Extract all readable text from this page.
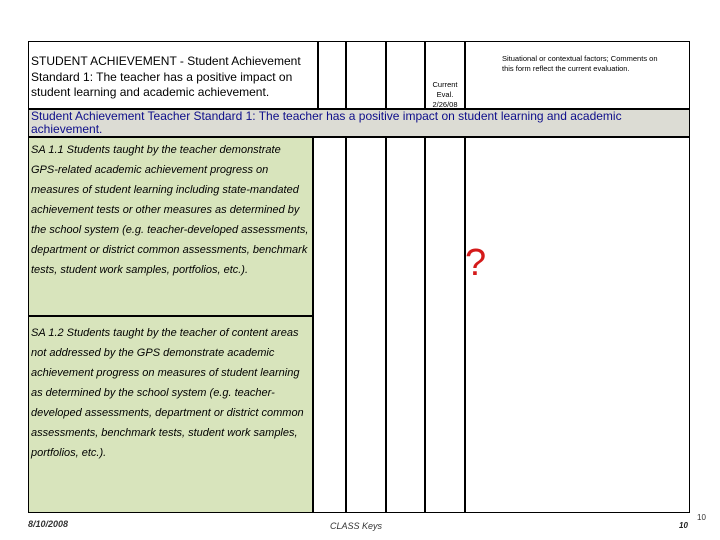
STUDENT ACHIEVEMENT - Student Achievement Standard 1: The teacher has a positive impact on student learning and academic achievement.
Current Eval. 2/26/08
Situational or contextual factors; Comments on this form reflect the current evaluation.
Student Achievement Teacher Standard 1: The teacher has a positive impact on student learning and academic achievement.
SA 1.1 Students taught by the teacher demonstrate GPS-related academic achievement progress on measures of student learning including state-mandated achievement tests or other measures as determined by the school system (e.g. teacher-developed assessments, department or district common assessments, benchmark tests, student work samples, portfolios, etc.).
SA 1.2 Students taught by the teacher of content areas not addressed by the GPS demonstrate academic achievement progress on measures of student learning as determined by the school system (e.g. teacher-developed assessments, department or district common assessments, benchmark tests, student work samples, portfolios, etc.).
?
8/10/2008	CLASS Keys	10
10
